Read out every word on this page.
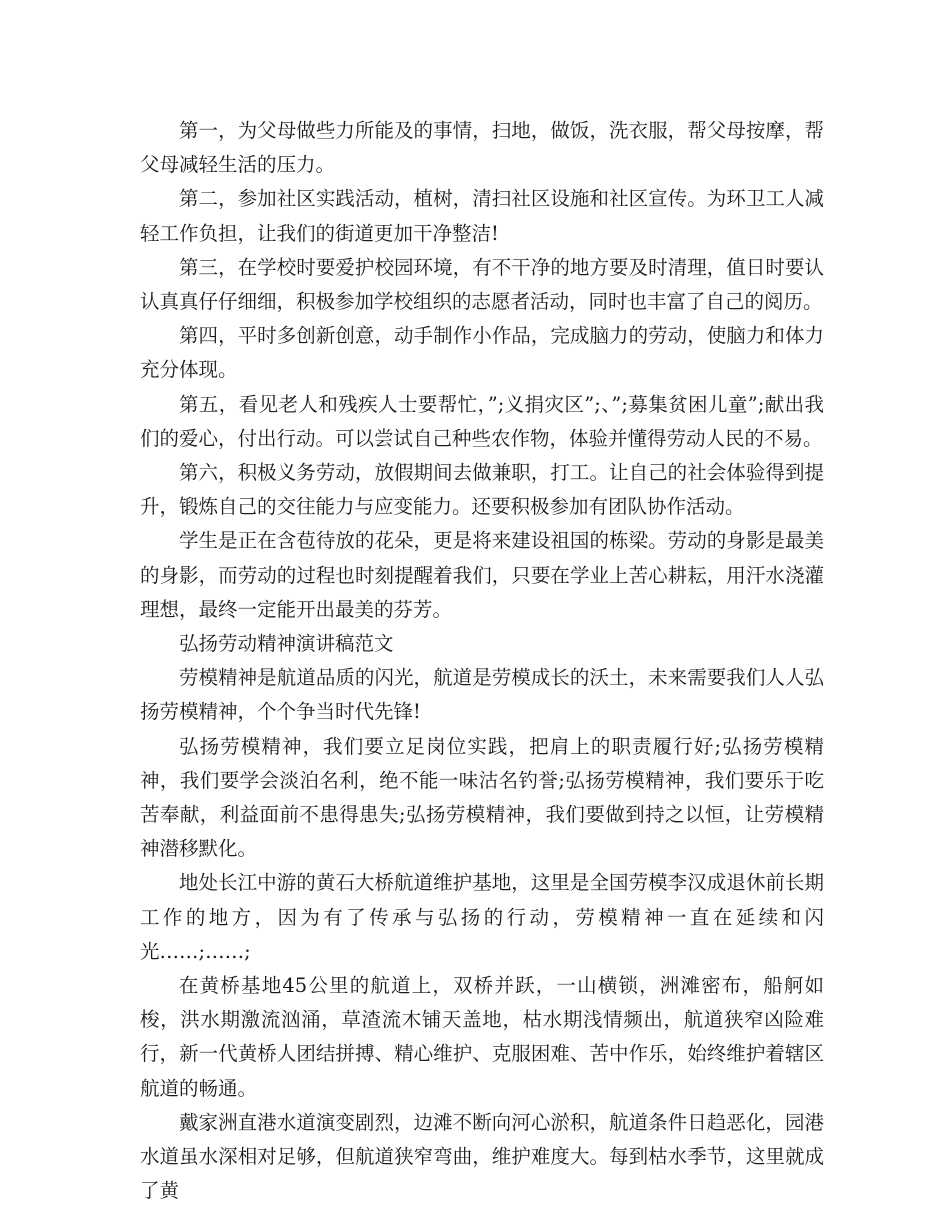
第一，为父母做些力所能及的事情，扫地，做饭，洗衣服，帮父母按摩，帮父母减轻生活的压力。

第二，参加社区实践活动，植树，清扫社区设施和社区宣传。为环卫工人减轻工作负担，让我们的街道更加干净整洁!

第三，在学校时要爱护校园环境，有不干净的地方要及时清理，值日时要认认真真仔仔细细，积极参加学校组织的志愿者活动，同时也丰富了自己的阅历。

第四，平时多创新创意，动手制作小作品，完成脑力的劳动，使脑力和体力充分体现。

第五，看见老人和残疾人士要帮忙，”;义捐灾区”;、”;募集贫困儿童”;献出我们的爱心，付出行动。可以尝试自己种些农作物，体验并懂得劳动人民的不易。

第六，积极义务劳动，放假期间去做兼职，打工。让自己的社会体验得到提升，锻炼自己的交往能力与应变能力。还要积极参加有团队协作活动。

学生是正在含苞待放的花朵，更是将来建设祖国的栋梁。劳动的身影是最美的身影，而劳动的过程也时刻提醒着我们，只要在学业上苦心耕耘，用汗水浇灌理想，最终一定能开出最美的芬芳。

弘扬劳动精神演讲稿范文

劳模精神是航道品质的闪光，航道是劳模成长的沃土，未来需要我们人人弘扬劳模精神，个个争当时代先锋!

弘扬劳模精神，我们要立足岗位实践，把肩上的职责履行好;弘扬劳模精神，我们要学会淡泊名利，绝不能一味沽名钓誉;弘扬劳模精神，我们要乐于吃苦奉献，利益面前不患得患失;弘扬劳模精神，我们要做到持之以恒，让劳模精神潜移默化。

地处长江中游的黄石大桥航道维护基地，这里是全国劳模李汉成退休前长期工作的地方，因为有了传承与弘扬的行动，劳模精神一直在延续和闪光……;……;

在黄桥基地45公里的航道上，双桥并跃，一山横锁，洲滩密布，船舸如梭，洪水期激流汹涌，草渣流木铺天盖地，枯水期浅情频出，航道狭窄凶险难行，新一代黄桥人团结拼搏、精心维护、克服困难、苦中作乐，始终维护着辖区航道的畅通。

戴家洲直港水道演变剧烈，边滩不断向河心淤积，航道条件日趋恶化，园港水道虽水深相对足够，但航道狭窄弯曲，维护难度大。每到枯水季节，这里就成了黄
